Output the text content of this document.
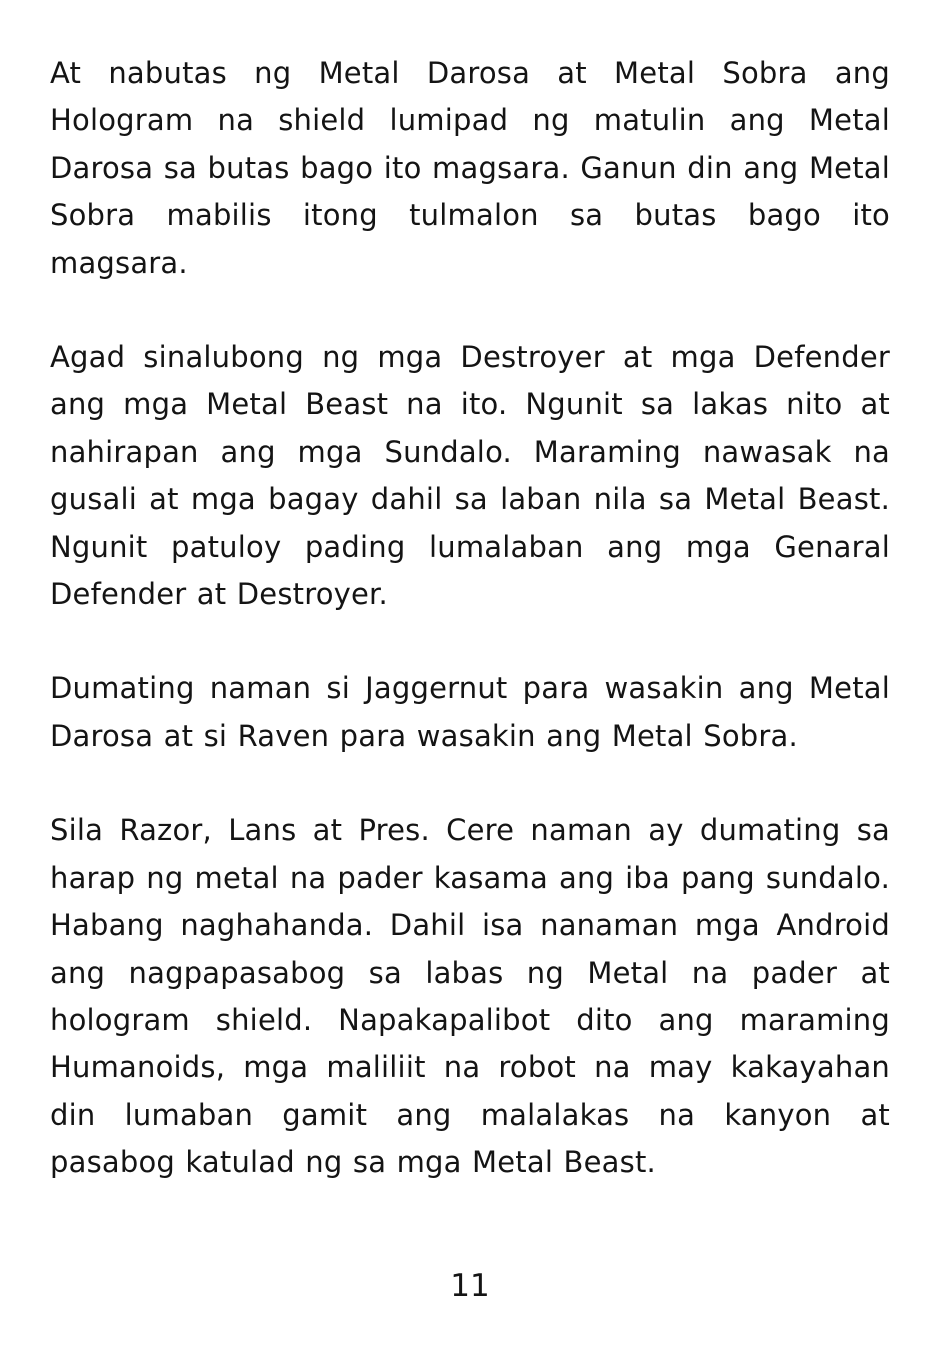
At nabutas ng Metal Darosa at Metal Sobra ang Hologram na shield lumipad ng matulin ang Metal Darosa sa butas bago ito magsara. Ganun din ang Metal Sobra mabilis itong tulmalon sa butas bago ito magsara.

Agad sinalubong ng mga Destroyer at mga Defender ang mga Metal Beast na ito. Ngunit sa lakas nito at nahirapan ang mga Sundalo. Maraming nawasak na gusali at mga bagay dahil sa laban nila sa Metal Beast. Ngunit patuloy pading lumalaban ang mga Genaral Defender at Destroyer.

Dumating naman si Jaggernut para wasakin ang Metal Darosa at si Raven para wasakin ang Metal Sobra.

Sila Razor, Lans at Pres. Cere naman ay dumating sa harap ng metal na pader kasama ang iba pang sundalo. Habang naghahanda. Dahil isa nanaman mga Android ang nagpapasabog sa labas ng Metal na pader at hologram shield. Napakapalibot dito ang maraming Humanoids, mga maliliit na robot na may kakayahan din lumaban gamit ang malalakas na kanyon at pasabog katulad ng sa mga Metal Beast.

11
